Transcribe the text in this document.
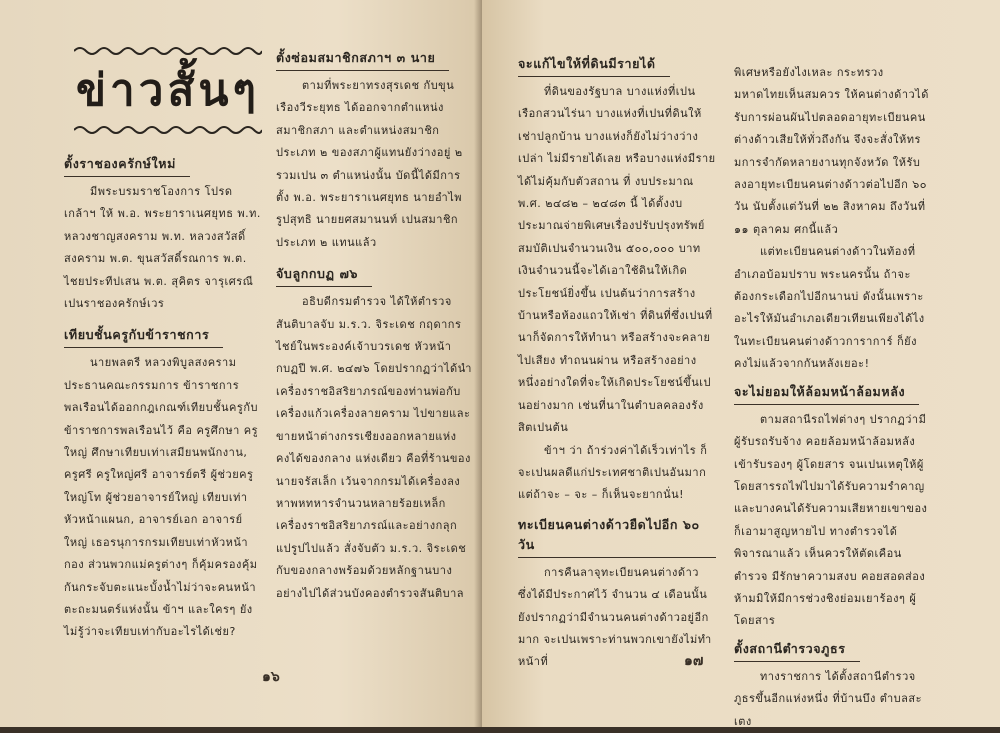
ข่าวสั้นๆ
ตั้งราชองครักษ์ใหม่

มีพระบรมราชโองการ โปรดเกล้าฯ ให้ พ.อ. พระยาราเนศยุทธ พ.ท. หลวงชาญสงคราม พ.ท. หลวงสวัสดิ์สงคราม พ.ต. ขุนสวัสดิ์รณการ พ.ต. ไชยประทีปเสน พ.ต. สุคิตร จารุเศรณี เปนราชองครักษ์เวร

เทียบชั้นครูกับข้าราชการ

นายพลตรี หลวงพิบูลสงคราม ประธานคณะกรรมการ ข้าราชการพลเรือนได้ออกกฎเกณฑ์เทียบชั้นครูกับข้าราชการพลเรือนไว้ คือ ครูศึกษา ครูใหญ่ ศึกษาเทียบเท่าเสมียนพนักงาน, ครูศรี ครูใหญ่ศรี อาจารย์ตรี ผู้ช่วยครูใหญ่โท ผู้ช่วยอาจารย์ใหญ่ เทียบเท่าหัวหน้าแผนก, อาจารย์เอก อาจารย์ใหญ่ เธอรนุการกรมเทียบเท่าหัวหน้ากอง ส่วนพวกแม่ครูต่างๆ ก็คุ้มครองคุ้มกันกระจับตะแนะบั้งน้ำไม่ว่าจะคนหน้าตะถะมนตร์แห่งนั้น ข้าฯ และใครๆ ยังไม่รู้ว่าจะเทียบเท่ากับอะไรได้เช่ย?

ตั้งซ่อมสมาชิกสภาฯ ๓ นาย

ตามที่พระยาทรงสุรเดช กับขุนเรืองวีระยุทธ ได้ออกจากตำแหน่งสมาชิกสภา และตำแหน่งสมาชิกประเภท ๒ ของสภาผู้แทนยังว่างอยู่ ๒ รวมเปน ๓ ตำแหน่งนั้น บัดนี้ได้มีการตั้ง พ.อ. พระยาราเนศยุทธ นายอำไพ รูปสุทธิ นายยศสมานนท์ เปนสมาชิกประเภท ๒ แทนแล้ว

จับลูกกบฏ ๗๖

อธิบดีกรมตำรวจ ได้ให้ตำรวจสันติบาลจับ ม.ร.ว. จิระเดช กฤดากร ไชย์ในพระองค์เจ้าบวรเดช หัวหน้ากบฏปี พ.ศ. ๒๔๗๖ โดยปรากฏว่าได้นำเครื่องราชอิสริยาภรณ์ของท่านพ่อกับเครื่องแก้วเครื่องลายคราม ไปขายและขายหน้าต่างกรรเชียงออกหลายแห่ง คงได้ของกลาง แห่งเดียว คือที่ร้านของนายจรัสเล็ก เว้นจากกรมได้เครื่องลงหาพหทหารจำนวนหลายร้อยเหล็กเครื่องราชอิสริยาภรณ์และอย่างกลุกแปรูปไปแล้ว สั่งจับตัว ม.ร.ว. จิระเดชกับของกลางพร้อมด้วยหลักฐานบางอย่างไปได้ส่วนบังคองตำรวจสันติบาล

๑๖
จะแก้ไขให้ที่ดินมีรายได้

ที่ดินของรัฐบาล บางแห่งที่เปนเรือกสวนไร่นา บางแห่งที่เปนที่ดินให้เช่าปลูกบ้าน บางแห่งก็ยังไม่ว่างว่างเปล่า ไม่มีรายได้เลย หรือบางแห่งมีรายได้ไม่คุ้มกับตัวสถาน ที่ งบประมาณ พ.ศ. ๒๔๘๒ – ๒๔๘๓ นี้ ได้ตั้งงบประมาณจ่ายพิเศษเรื่องปรับปรุงทรัพย์สมบัติเปนจำนวนเงิน ๕๐๐,๐๐๐ บาท เงินจำนวนนี้จะได้เอาใช้ดินให้เกิดประโยชน์ยิ่งขึ้น เปนต้นว่าการสร้างบ้านหรือห้องแถวให้เช่า ที่ดินที่ซึ่งเปนที่นาก็จัดการให้ทำนา หรือสร้างจะคลายไปเสียง ทำถนนผ่าน หรือสร้างอย่างหนึ่งอย่างใดที่จะให้เกิดประโยชน์ขึ้นเปนอย่างมาก เช่นที่นาในตำบลคลองรังสิตเปนต้น

ข้าฯ ว่า ถ้าร่วงค่าได้เร็วเท่าไร ก็จะเปนผลดีแก่ประเทศชาติเปนอันมาก แต่ถ้าจะ – จะ – ก็เห็นจะยากนั่น!

ทะเบียนคนต่างด้าวยืดไปอีก ๖๐ วัน

การคืนลาจุทะเบียนคนต่างด้าว ซึ่งได้มีประกาศไว้ จำนวน ๔ เดือนนั้น ยังปรากฏว่ามีจำนวนคนต่างด้าวอยู่อีกมาก จะเปนเพราะท่านพวกเขายังไม่ทำหน้าที่

พิเศษหรือยังไงเหละ กระทรวงมหาดไทยเห็นสมควร ให้คนต่างด้าวได้รับการผ่อนผันไปตลอดอายุทะเบียนคนต่างด้าวเสียให้ทั่วถึงกัน จึงจะสั่งให้ทรมการจำกัดหลายงานทุกจังหวัด ให้รับลงอายุทะเบียนคนต่างด้าวต่อไปอีก ๖๐ วัน นับตั้งแต่วันที่ ๒๒ สิงหาคม ถึงวันที่ ๑๑ ตุลาคม ศกนี้แล้ว

แต่ทะเบียนคนต่างด้าวในท้องที่อำเภอบ้อมปราบ พระนครนั้น ถ้าจะต้องกระเดือกไปอีกนานบ่ ดังนั้นเพราะอะไรให้มันอำเภอเดียวเทียนเพียงได้ไง ในทะเบียนคนต่างด้าวการาการ์ ก็ยังคงไม่แล้วจากกันหลังเยอะ!

จะไม่ยอมให้ล้อมหน้าล้อมหลัง

ตามสถานีรถไฟต่างๆ ปรากฏว่ามีผู้รับรถรับจ้าง คอยล้อมหน้าล้อมหลัง เข้ารับรองๆ ผู้โดยสาร จนเปนเหตุให้ผู้โดยสารรถไฟไปมาได้รับความรำคาญ และบางคนได้รับความเสียหายเขาของก็เอามาสูญหายไป ทางตำรวจได้พิจารณาแล้ว เห็นควรให้ตัดเคือน ตำรวจ มีรักษาความสงบ คอยสอดส่อง ห้ามมิให้มีการช่วงชิงย่อมเยาร้องๆ ผู้โดยสาร

ตั้งสถานีตำรวจภูธร

ทางราชการ ได้ตั้งสถานีตำรวจภูธรขึ้นอีกแห่งหนึ่ง ที่บ้านบึง ตำบลสะเตง

๑๗
